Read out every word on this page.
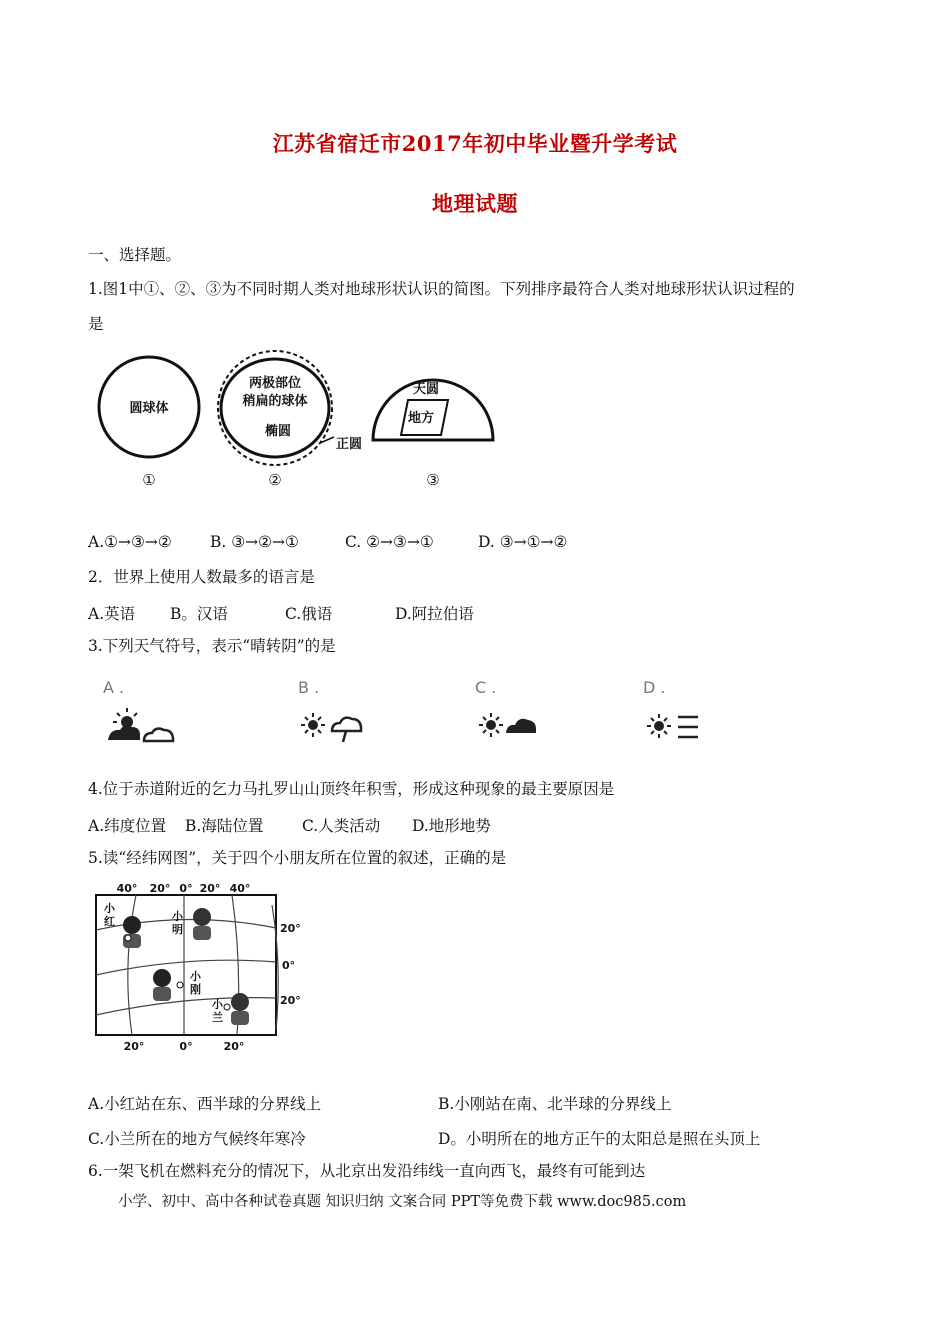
江苏省宿迁市2017年初中毕业暨升学考试
地理试题
一、选择题。
1.图1中①、②、③为不同时期人类对地球形状认识的简图。下列排序最符合人类对地球形状认识过程的
是
圆球体
①
两极部位
稍扁的球体
椭圆
正圆
②
天圆
地方
③
A.①→③→② B. ③→②→①	C. ②→③→①	D. ③→①→②
2．世界上使用人数最多的语言是
A.英语 B。汉语	C.俄语	D.阿拉伯语
3.下列天气符号，表示“晴转阴”的是
A .	B .	C .	D .
4.位于赤道附近的乞力马扎罗山山顶终年积雪，形成这种现象的最主要原因是
A.纬度位置 B.海陆位置 C.人类活动 D.地形地势
5.读“经纬网图”，关于四个小朋友所在位置的叙述，正确的是
40° 20° 0° 20° 40°
20°
0°
20°
20°	0°	20°
小
红	小
明
小
刚
小
兰
A.小红站在东、西半球的分界线上	B.小刚站在南、北半球的分界线上
C.小兰所在的地方气候终年寒冷	D。小明所在的地方正午的太阳总是照在头顶上
6.一架飞机在燃料充分的情况下，从北京出发沿纬线一直向西飞，最终有可能到达
小学、初中、高中各种试卷真题 知识归纳 文案合同 PPT等免费下载 www.doc985.com
